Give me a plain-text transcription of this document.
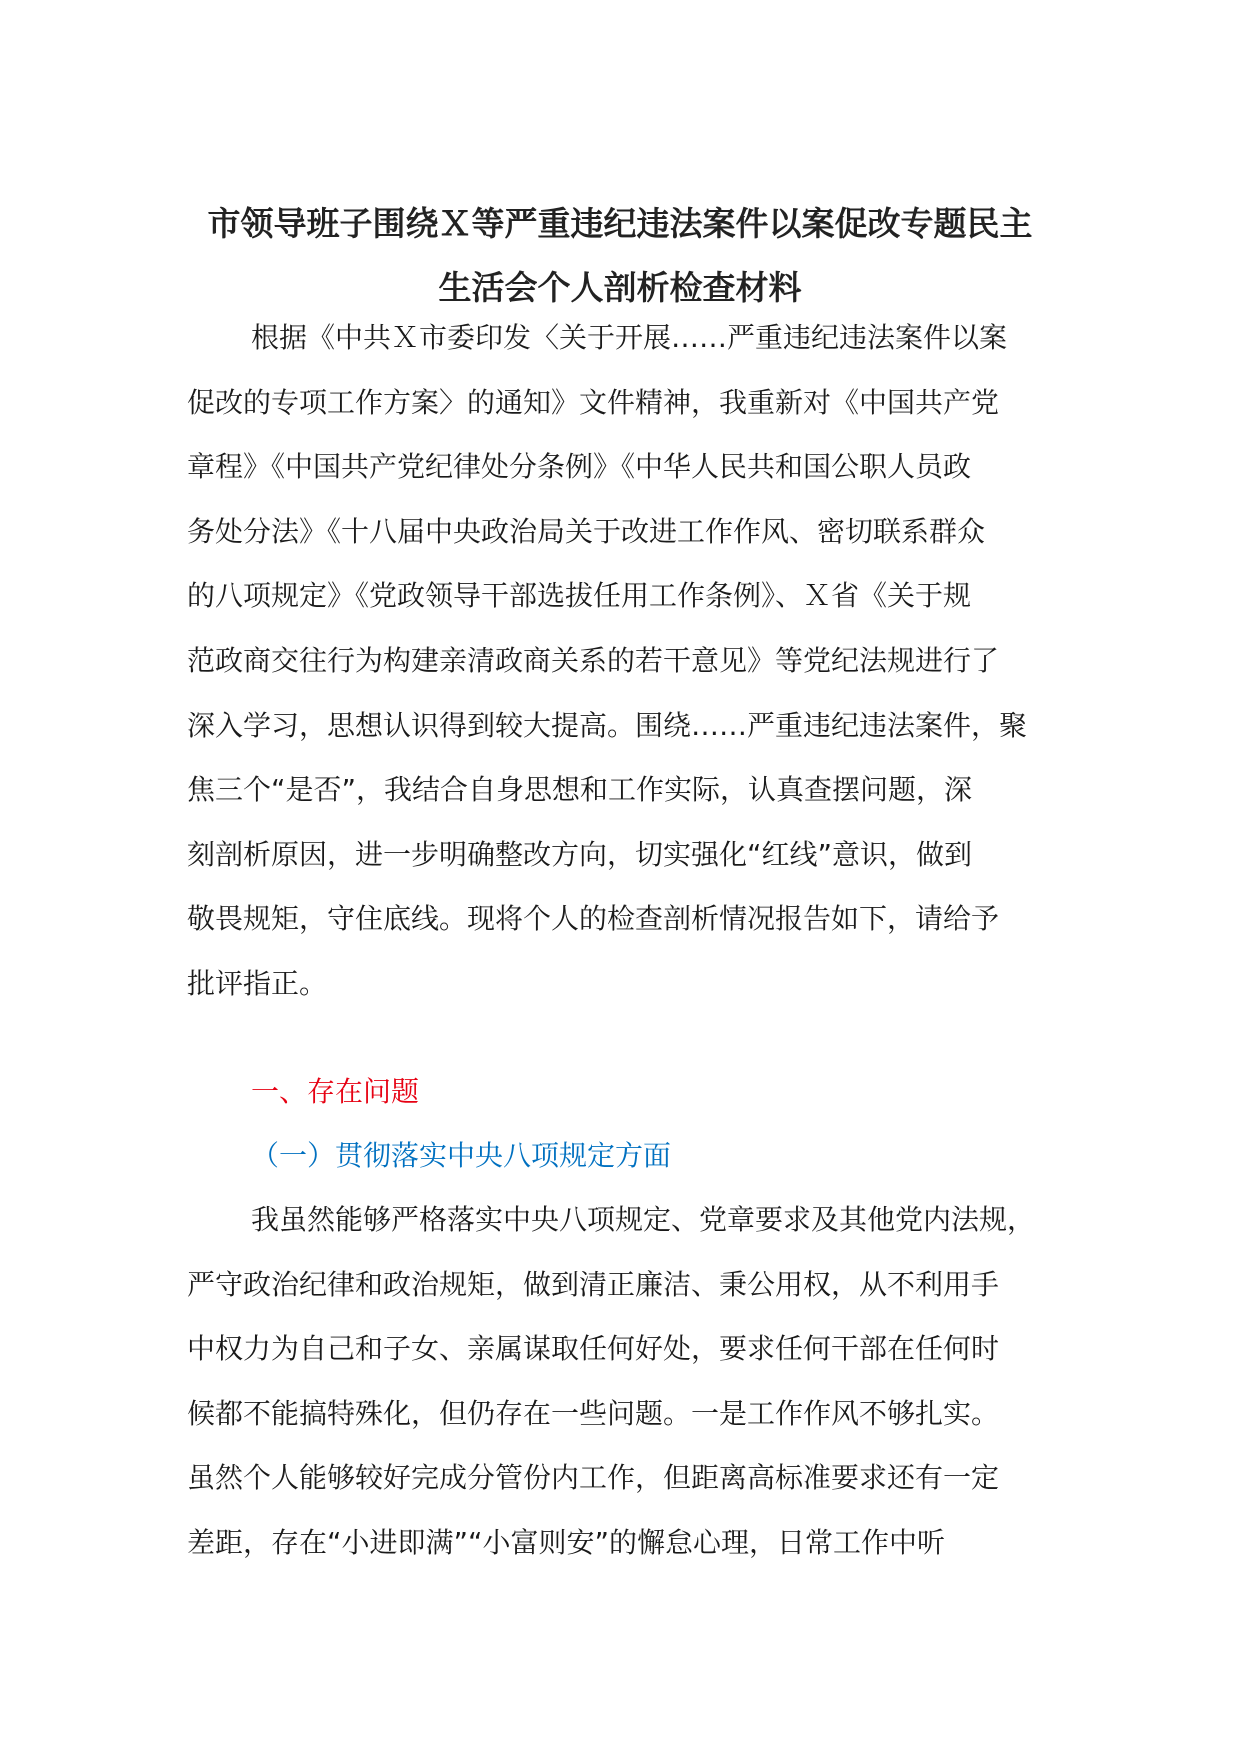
市领导班子围绕Ｘ等严重违纪违法案件以案促改专题民主
生活会个人剖析检查材料
根据《中共Ｘ市委印发〈关于开展……严重违纪违法案件以案
促改的专项工作方案〉的通知》文件精神，我重新对《中国共产党
章程》《中国共产党纪律处分条例》《中华人民共和国公职人员政
务处分法》《十八届中央政治局关于改进工作作风、密切联系群众
的八项规定》《党政领导干部选拔任用工作条例》、Ｘ省《关于规
范政商交往行为构建亲清政商关系的若干意见》等党纪法规进行了
深入学习，思想认识得到较大提高。围绕……严重违纪违法案件，聚
焦三个“是否”，我结合自身思想和工作实际，认真查摆问题，深
刻剖析原因，进一步明确整改方向，切实强化“红线”意识，做到
敬畏规矩，守住底线。现将个人的检查剖析情况报告如下，请给予
批评指正。
一、存在问题
（一）贯彻落实中央八项规定方面
我虽然能够严格落实中央八项规定、党章要求及其他党内法规，
严守政治纪律和政治规矩，做到清正廉洁、秉公用权，从不利用手
中权力为自己和子女、亲属谋取任何好处，要求任何干部在任何时
候都不能搞特殊化，但仍存在一些问题。一是工作作风不够扎实。
虽然个人能够较好完成分管份内工作，但距离高标准要求还有一定
差距，存在“小进即满”“小富则安”的懈怠心理，日常工作中听
